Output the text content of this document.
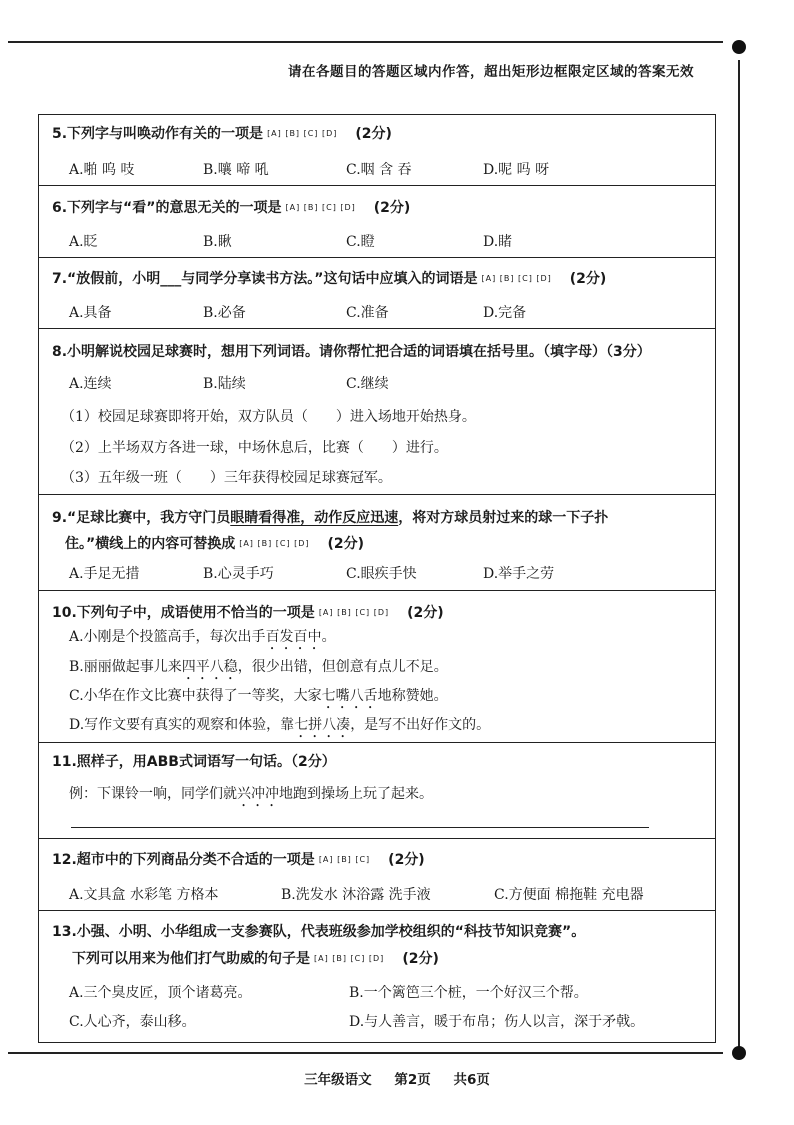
请在各题目的答题区域内作答，超出矩形边框限定区域的答案无效
5.下列字与叫唤动作有关的一项是 [A] [B] [C] [D] (2分)
A.啪 呜 吱	B.嚷 啼 吼	C.咽 含 吞	D.呢 吗 呀
6.下列字与“看”的意思无关的一项是 [A] [B] [C] [D] (2分)
A.眨	B.瞅	C.瞪	D.睹
7.“放假前，小明___与同学分享读书方法。”这句话中应填入的词语是 [A] [B] [C] [D] (2分)
A.具备	B.必备	C.准备	D.完备
8.小明解说校园足球赛时，想用下列词语。请你帮忙把合适的词语填在括号里。（填字母）（3分）
A.连续	B.陆续	C.继续
（1）校园足球赛即将开始，双方队员（　　）进入场地开始热身。
（2）上半场双方各进一球，中场休息后，比赛（　　）进行。
（3）五年级一班（　　）三年获得校园足球赛冠军。
9.“足球比赛中，我方守门员眼睛看得准，动作反应迅速，将对方球员射过来的球一下子扑
住。”横线上的内容可替换成 [A] [B] [C] [D] (2分)
A.手足无措	B.心灵手巧	C.眼疾手快	D.举手之劳
10.下列句子中，成语使用不恰当的一项是 [A] [B] [C] [D] (2分)
A.小刚是个投篮高手，每次出手百发百中。
B.丽丽做起事儿来四平八稳，很少出错，但创意有点儿不足。
C.小华在作文比赛中获得了一等奖，大家七嘴八舌地称赞她。
D.写作文要有真实的观察和体验，靠七拼八凑，是写不出好作文的。
11.照样子，用ABB式词语写一句话。（2分）
例：下课铃一响，同学们就兴冲冲地跑到操场上玩了起来。
12.超市中的下列商品分类不合适的一项是 [A] [B] [C] (2分)
A.文具盒 水彩笔 方格本	B.洗发水 沐浴露 洗手液	C.方便面 棉拖鞋 充电器
13.小强、小明、小华组成一支参赛队，代表班级参加学校组织的“科技节知识竞赛”。
下列可以用来为他们打气助威的句子是 [A] [B] [C] [D] (2分)
A.三个臭皮匠，顶个诸葛亮。	B.一个篱笆三个桩，一个好汉三个帮。
C.人心齐，泰山移。	D.与人善言，暖于布帛；伤人以言，深于矛戟。
三年级语文 第2页 共6页
